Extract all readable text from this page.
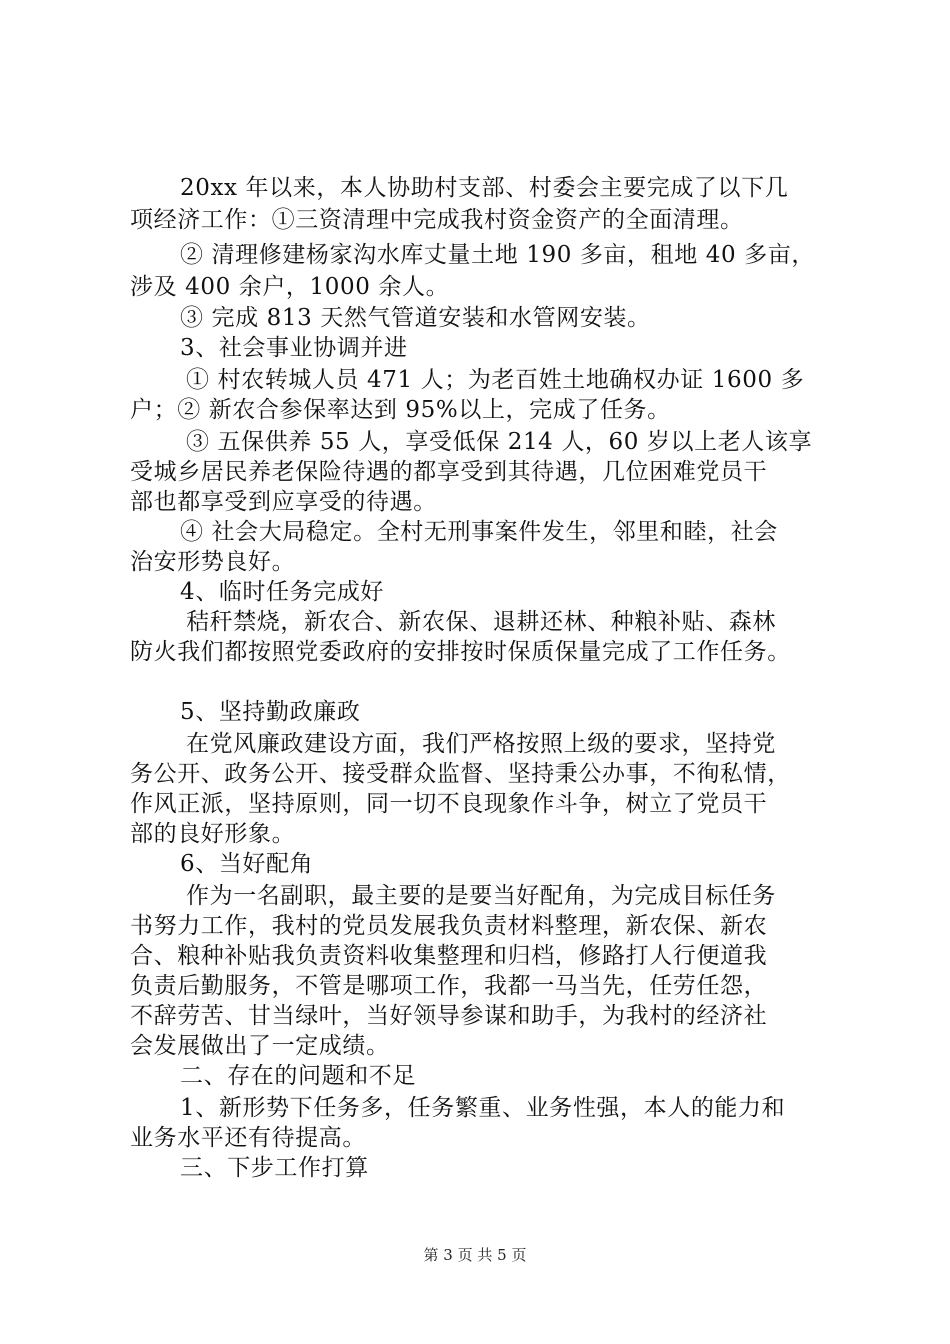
20xx 年以来，本人协助村支部、村委会主要完成了以下几
项经济工作：①三资清理中完成我村资金资产的全面清理。
② 清理修建杨家沟水库丈量土地 190 多亩，租地 40 多亩，
涉及 400 余户，1000 余人。
③ 完成 813 天然气管道安装和水管网安装。
3、社会事业协调并进
① 村农转城人员 471 人；为老百姓土地确权办证 1600 多
户；② 新农合参保率达到 95%以上，完成了任务。
③ 五保供养 55 人，享受低保 214 人，60 岁以上老人该享
受城乡居民养老保险待遇的都享受到其待遇，几位困难党员干
部也都享受到应享受的待遇。
④ 社会大局稳定。全村无刑事案件发生，邻里和睦，社会
治安形势良好。
4、临时任务完成好
秸秆禁烧，新农合、新农保、退耕还林、种粮补贴、森林
防火我们都按照党委政府的安排按时保质保量完成了工作任务。
5、坚持勤政廉政
在党风廉政建设方面，我们严格按照上级的要求，坚持党
务公开、政务公开、接受群众监督、坚持秉公办事，不徇私情，
作风正派，坚持原则，同一切不良现象作斗争，树立了党员干
部的良好形象。
6、当好配角
作为一名副职，最主要的是要当好配角，为完成目标任务
书努力工作，我村的党员发展我负责材料整理，新农保、新农
合、粮种补贴我负责资料收集整理和归档，修路打人行便道我
负责后勤服务，不管是哪项工作，我都一马当先，任劳任怨，
不辞劳苦、甘当绿叶，当好领导参谋和助手，为我村的经济社
会发展做出了一定成绩。
二、存在的问题和不足
1、新形势下任务多，任务繁重、业务性强，本人的能力和
业务水平还有待提高。
三、下步工作打算
第 3 页 共 5 页
